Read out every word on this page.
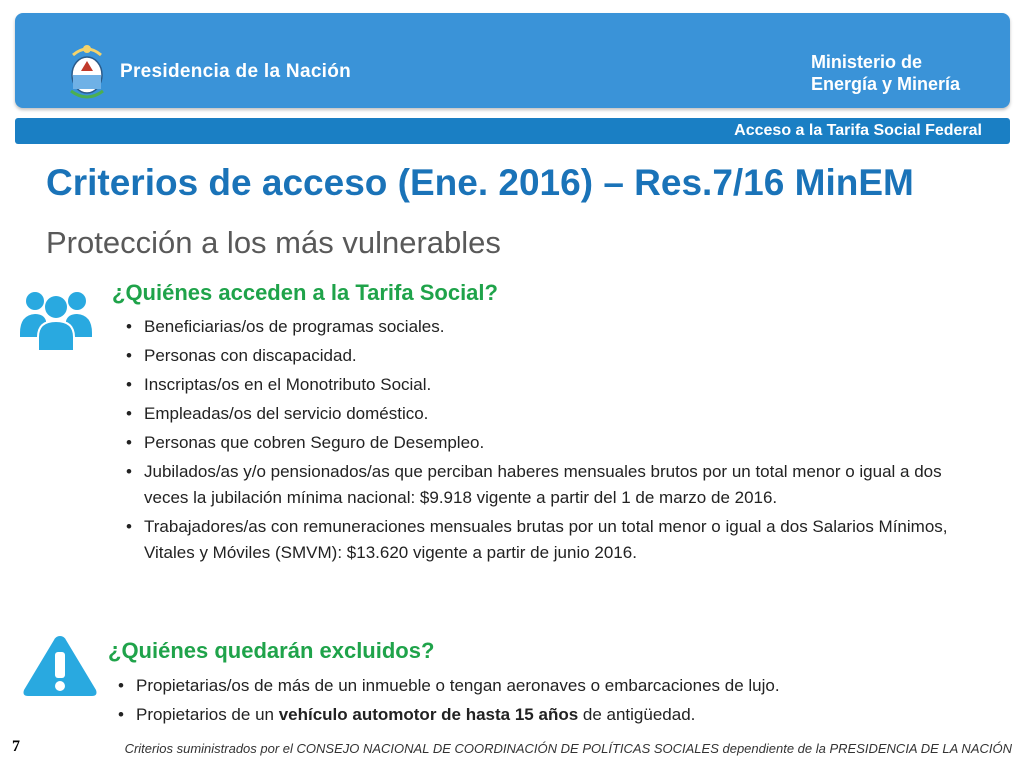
Presidencia de la Nación	Ministerio de
Energía y Minería
Acceso a la Tarifa Social Federal
Criterios de acceso (Ene. 2016) – Res.7/16 MinEM
Protección a los más vulnerables
¿Quiénes acceden a la Tarifa Social?
• Beneficiarias/os de programas sociales.
• Personas con discapacidad.
• Inscriptas/os en el Monotributo Social.
• Empleadas/os del servicio doméstico.
• Personas que cobren Seguro de Desempleo.
• Jubilados/as y/o pensionados/as que perciban haberes mensuales brutos por un total menor o igual a dos veces la jubilación mínima nacional: $9.918 vigente a partir del 1 de marzo de 2016.
• Trabajadores/as con remuneraciones mensuales brutas por un total menor o igual a dos Salarios Mínimos, Vitales y Móviles (SMVM): $13.620 vigente a partir de junio 2016.
¿Quiénes quedarán excluidos?
• Propietarias/os de más de un inmueble o tengan aeronaves o embarcaciones de lujo.
• Propietarios de un vehículo automotor de hasta 15 años de antigüedad.
7	Criterios suministrados por el CONSEJO NACIONAL DE COORDINACIÓN DE POLÍTICAS SOCIALES dependiente de la PRESIDENCIA DE LA NACIÓN
